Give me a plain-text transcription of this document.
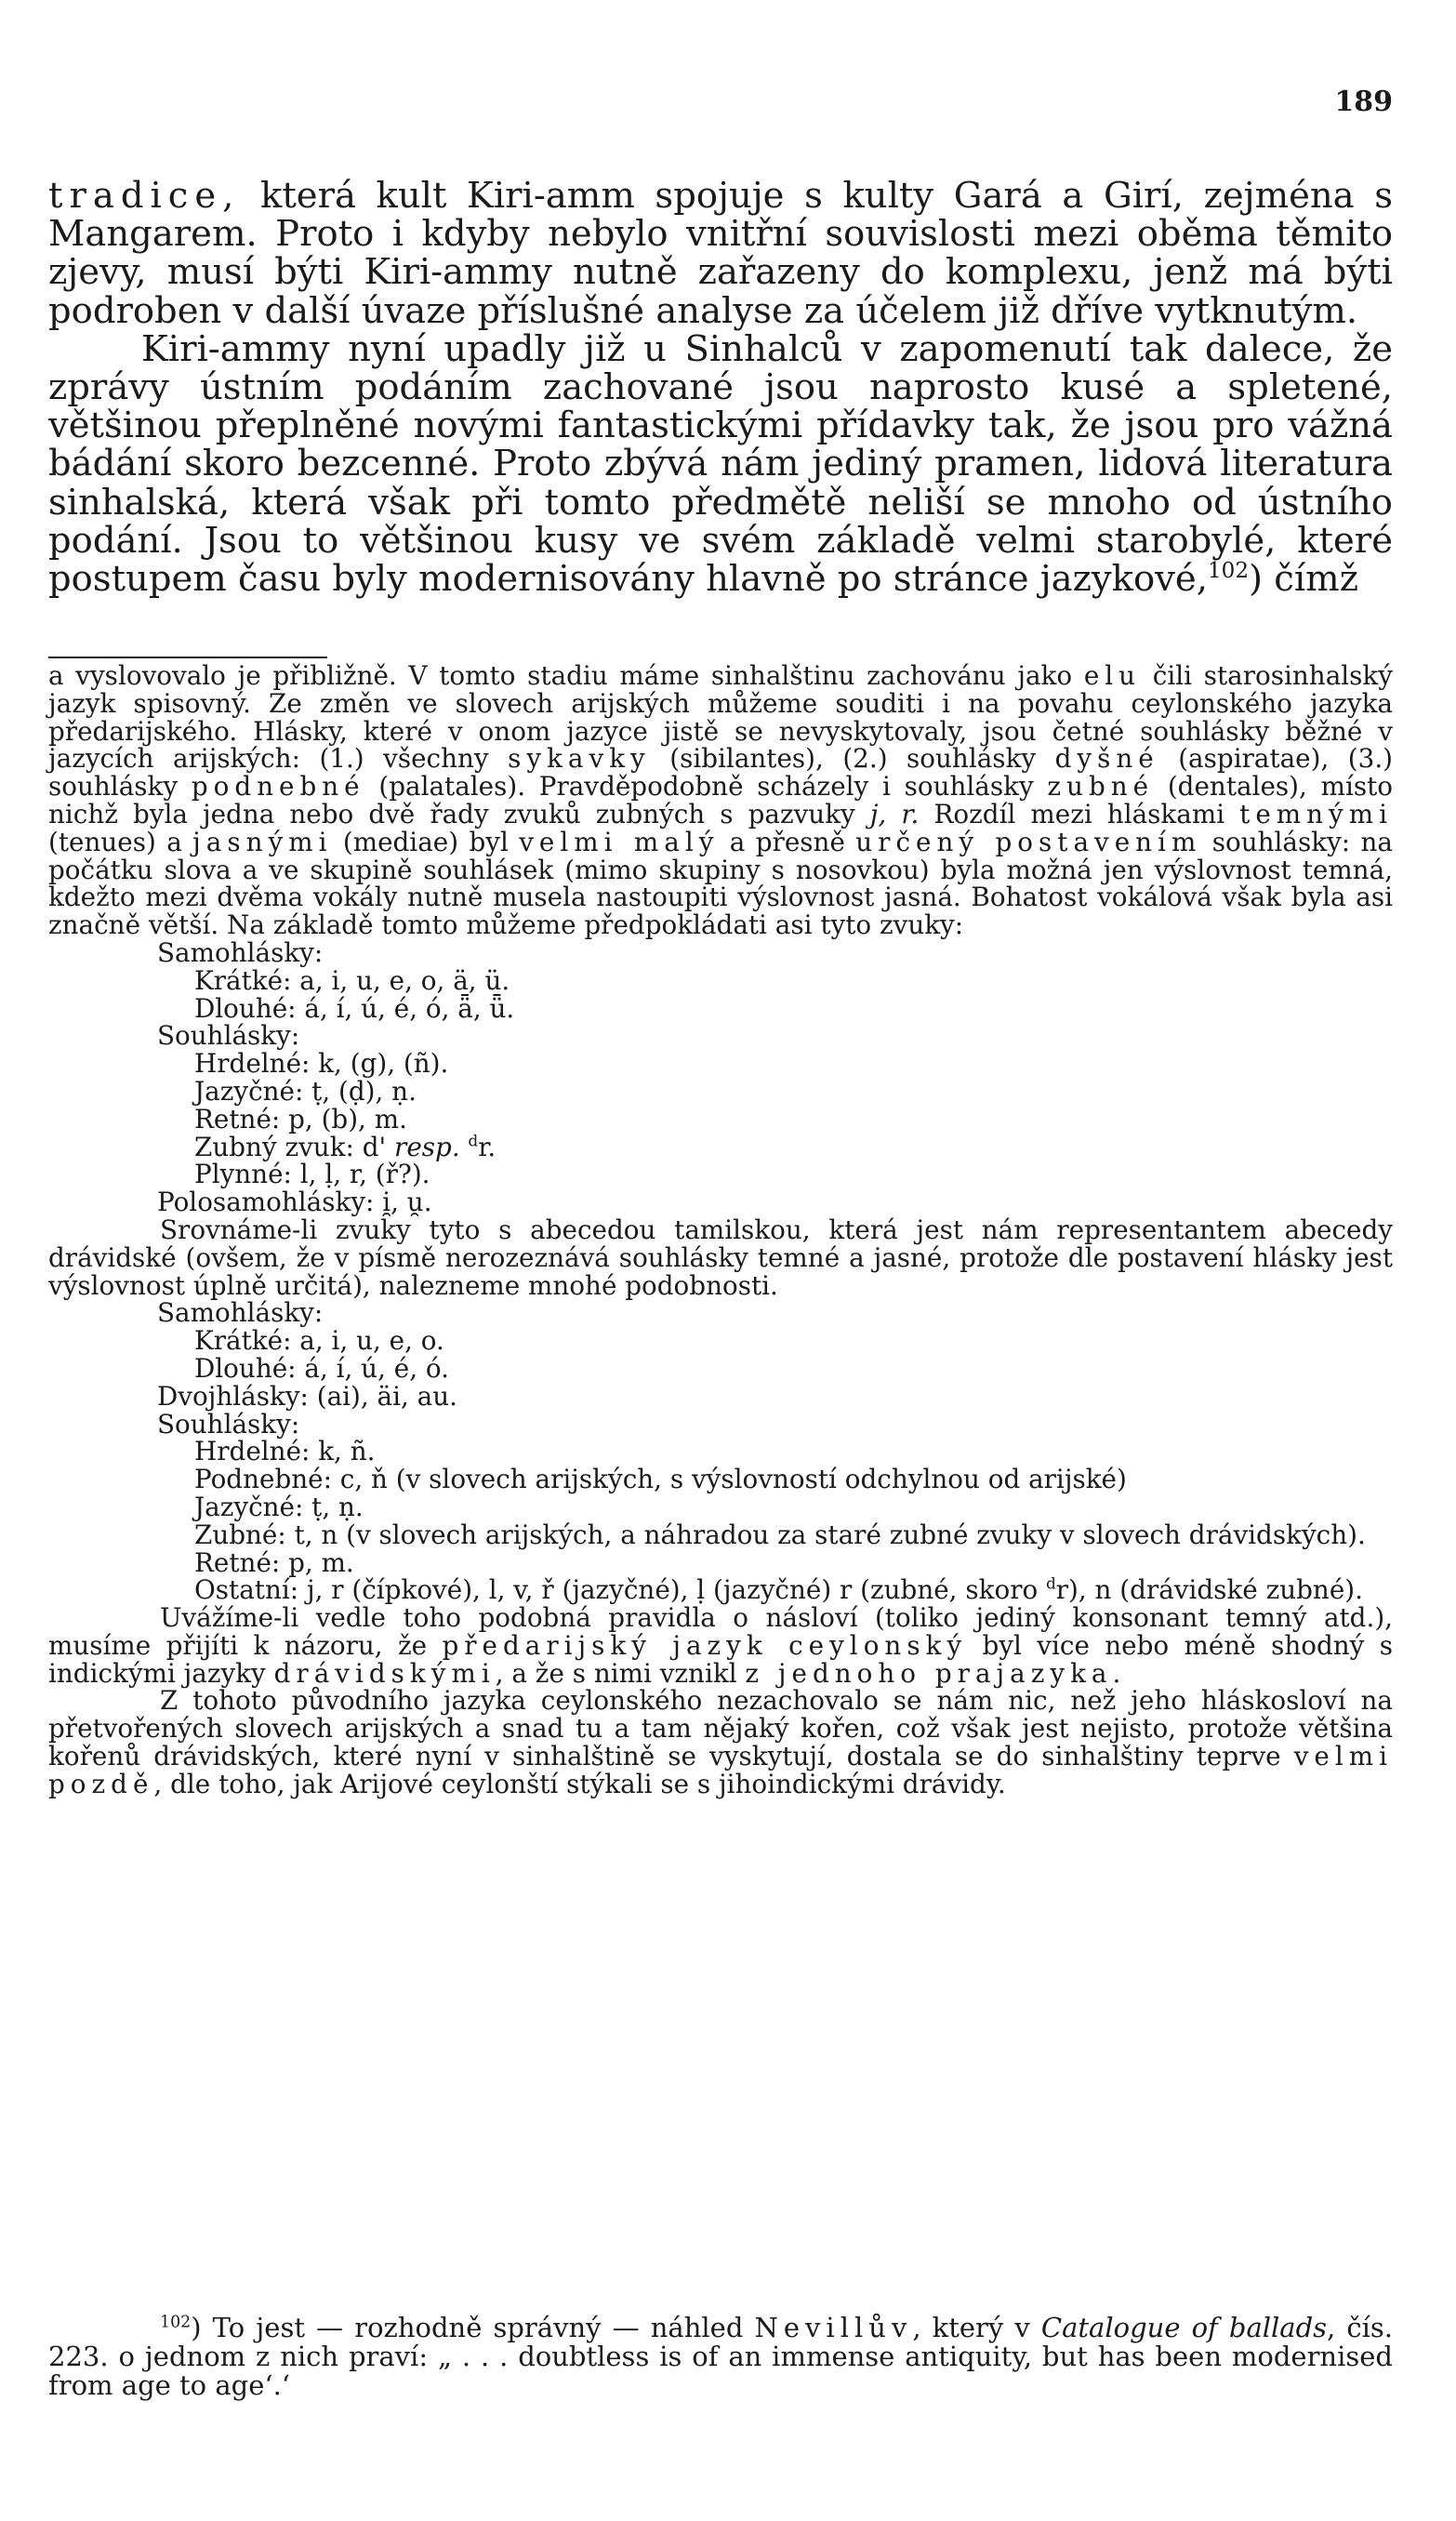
189

tradice, která kult Kiri-amm spojuje s kulty Gará a Girí, zejména s Mangarem. Proto i kdyby nebylo vnitřní souvislosti mezi oběma těmito zjevy, musí býti Kiri-ammy nutně zařazeny do komplexu, jenž má býti podroben v další úvaze příslušné analyse za účelem již dříve vytknutým.

Kiri-ammy nyní upadly již u Sinhalců v zapomenutí tak dalece, že zprávy ústním podáním zachované jsou naprosto kusé a spletené, většinou přeplněné novými fantastickými přídavky tak, že jsou pro vážná bádání skoro bezcenné. Proto zbývá nám jediný pramen, lidová literatura sinhalská, která však při tomto předmětě neliší se mnoho od ústního podání. Jsou to většinou kusy ve svém základě velmi starobylé, které postupem času byly modernisovány hlavně po stránce jazykové,$^{102}$) čímž

a vyslovovalo je přibližně. V tomto stadiu máme sinhalštinu zachovánu jako elu čili starosinhalský jazyk spisovný. Ze změn ve slovech arijských můžeme souditi i na povahu ceylonského jazyka předarijského. Hlásky, které v onom jazyce jistě se nevyskytovaly, jsou četné souhlásky běžné v jazycích arijských: (1.) všechny sykavky (sibilantes), (2.) souhlásky dyšné (aspiratae), (3.) souhlásky podnebné (palatales). Pravděpodobně scházely i souhlásky zubné (dentales), místo nichž byla jedna nebo dvě řady zvuků zubných s pazvuky j, r. Rozdíl mezi hláskami temnými (tenues) a jasnými (mediae) byl velmi malý a přesně určený postavením souhlásky: na počátku slova a ve skupině souhlásek (mimo skupiny s nosovkou) byla možná jen výslovnost temná, kdežto mezi dvěma vokály nutně musela nastoupiti výslovnost jasná. Bohatost vokálová však byla asi značně větší. Na základě tomto můžeme předpokládati asi tyto zvuky:

Samohlásky:
Krátké: a, i, u, e, o, ä, ü.
Dlouhé: á, í, ú, é, ó, ǟ, ǖ.
Souhlásky:
Hrdelné: k, (g), (ñ).
Jazyčné: ṭ, (ḍ), ṇ.
Retné: p, (b), m.
Zubný zvuk: d' resp. $^d$r.
Plynné: l, ḷ, r, (ř?).
Polosamohlásky: i̯, u̯.

Srovnáme-li zvuky tyto s abecedou tamilskou, která jest nám representantem abecedy drávidské (ovšem, že v písmě nerozeznává souhlásky temné a jasné, protože dle postavení hlásky jest výslovnost úplně určitá), nalezneme mnohé podobnosti.

Samohlásky:
Krátké: a, i, u, e, o.
Dlouhé: á, í, ú, é, ó.
Dvojhlásky: (ai), äi, au.
Souhlásky:
Hrdelné: k, ñ.
Podnebné: c, ň (v slovech arijských, s výslovností odchylnou od arijské)
Jazyčné: ṭ, ṇ.

Zubné: t, n (v slovech arijských, a náhradou za staré zubné zvuky v slovech drávidských).

Retné: p, m.

Ostatní: j, r (čípkové), l, v, ř (jazyčné), ḷ (jazyčné) r (zubné, skoro $^d$r), n (drávidské zubné).

Uvážíme-li vedle toho podobná pravidla o násloví (toliko jediný konsonant temný atd.), musíme přijíti k názoru, že předarijský jazyk ceylonský byl více nebo méně shodný s indickými jazyky drávidskými, a že s nimi vznikl z jednoho prajazyka.

Z tohoto původního jazyka ceylonského nezachovalo se nám nic, než jeho hláskosloví na přetvořených slovech arijských a snad tu a tam nějaký kořen, což však jest nejisto, protože většina kořenů drávidských, které nyní v sinhalštině se vyskytují, dostala se do sinhalštiny teprve velmi pozdě, dle toho, jak Arijové ceylonští stýkali se s jihoindickými drávidy.

$^{102}$) To jest — rozhodně správný — náhled Nevillův, který v Catalogue of ballads, čís. 223. o jednom z nich praví: „ . . . doubtless is of an immense antiquity, but has been modernised from age to age‘.‘
